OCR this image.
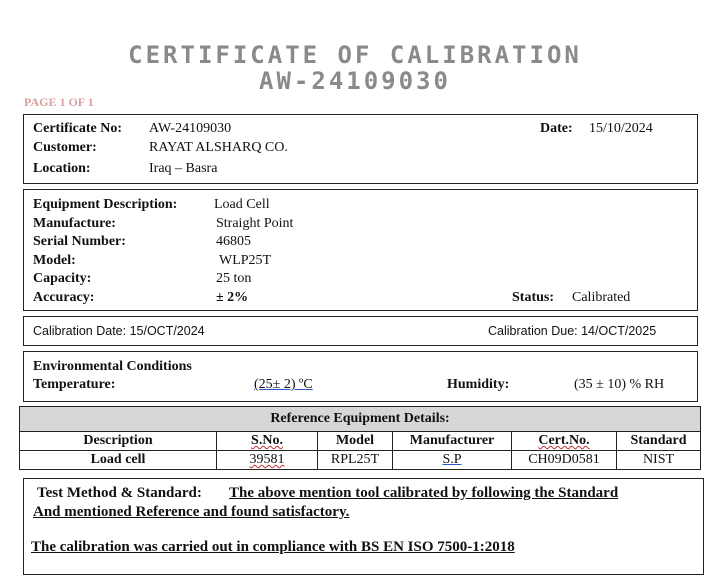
CERTIFICATE OF CALIBRATION
AW-24109030
PAGE 1 OF 1
Certificate No: AW-24109030	Date: 15/10/2024
Customer:	RAYAT ALSHARQ CO.
Location:	Iraq – Basra
Equipment Description:	Load Cell
Manufacture:	Straight Point
Serial Number:	46805
Model:	WLP25T
Capacity:	25 ton
Accuracy:	± 2%	Status: Calibrated
Calibration Date: 15/OCT/2024	Calibration Due: 14/OCT/2025
Environmental Conditions
Temperature:	(25± 2) ºC	Humidity:	(35 ± 10) % RH
Reference Equipment Details:					
Description	S.No.	Model	Manufacturer	Cert.No.	Standard
Load cell	39581	RPL25T	S.P	CH09D0581	NIST
Test Method & Standard: The above mention tool calibrated by following the Standard
And mentioned Reference and found satisfactory.
The calibration was carried out in compliance with BS EN ISO 7500-1:2018
